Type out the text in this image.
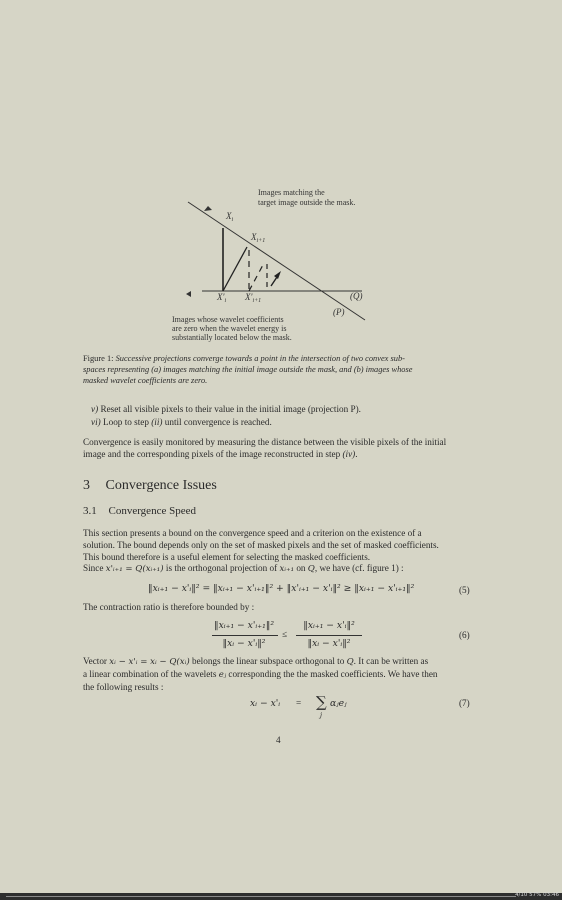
Images matching the
target image outside the mask.
$X_i$
$X_{i+1}$
$X'_i$ $X'_{i+1}$	(Q)
(P)
Images whose wavelet coefficients
are zero when the wavelet energy is
substantially located below the mask.
Figure 1: Successive projections converge towards a point in the intersection of two convex sub-
spaces representing (a) images matching the initial image outside the mask, and (b) images whose
masked wavelet coefficients are zero.
v) Reset all visible pixels to their value in the initial image (projection P).
vi) Loop to step (ii) until convergence is reached.
Convergence is easily monitored by measuring the distance between the visible pixels of the initial
image and the corresponding pixels of the image reconstructed in step (iv).
3 Convergence Issues
3.1 Convergence Speed
This section presents a bound on the convergence speed and a criterion on the existence of a
solution. The bound depends only on the set of masked pixels and the set of masked coefficients.
This bound therefore is a useful element for selecting the masked coefficients.
Since x'ᵢ₊₁ = Q(xᵢ₊₁) is the orthogonal projection of xᵢ₊₁ on Q, we have (cf. figure 1) :
‖xᵢ₊₁ − x'ᵢ‖² = ‖xᵢ₊₁ − x'ᵢ₊₁‖² + ‖x'ᵢ₊₁ − x'ᵢ‖² ≥ ‖xᵢ₊₁ − x'ᵢ₊₁‖²	(5)
The contraction ratio is therefore bounded by :
‖xᵢ₊₁ − x'ᵢ₊₁‖²
‖xᵢ − x'ᵢ‖²
≤
‖xᵢ₊₁ − x'ᵢ‖²
‖xᵢ − x'ᵢ‖²
(6)
Vector xᵢ − x'ᵢ = xᵢ − Q(xᵢ) belongs the linear subspace orthogonal to Q. It can be written as
a linear combination of the wavelets eⱼ corresponding the the masked coefficients. We have then
the following results :
xᵢ − x'ᵢ = ∑
j
αⱼeⱼ	(7)
4
4/10 57% 03:46
